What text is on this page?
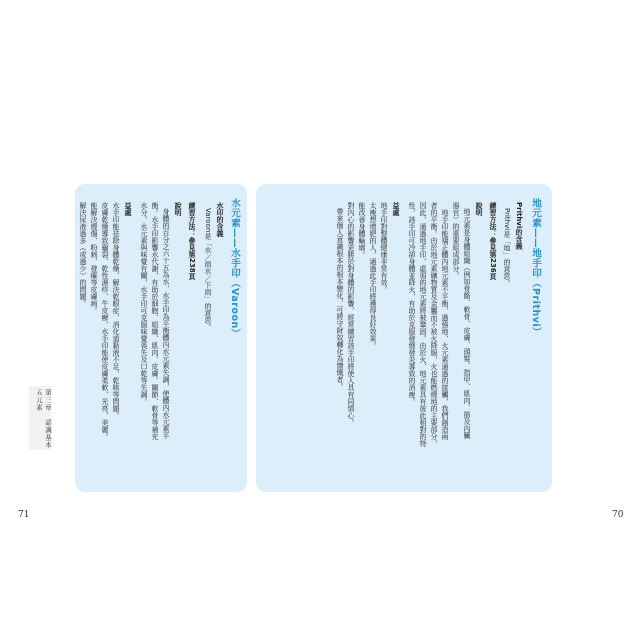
水元素——水手印（Varoon）
水印的含義
Varoon是「水／雨水／下雨」的意思。
練習方法：參見第238頁
說明
身體的百分之六十五為水，水手印為平衡體內水元素失調，使體內水元素平
衡。水手印影響水代謝，有助於細胞、組織、肌肉、皮膚、關節、軟骨等補充
水分。水元素與味覺有關，水手印可克服味覺喪失及口乾等失調。
益處
水手印能祛除身體乾燥，解決乾眼症、消化道黏液不足，乾咳等問題。
皮膚乾燥導致龜裂、乾性濕疹、牛皮癬，水手印能使皮膚柔軟、光亮、美麗。
能解決燒傷、粉刺、發癢等皮膚病。
解決尿液過多（或過少）的問題。
第三章　認識基本五元素
71
地元素——地手印（Prithvi）
Prithvi的含義
Prithvi是「地」的意思。
練習方法：參見第236頁
說明
地元素是身體組織（例如骨骼、軟骨、皮膚、頭髮、指甲、肌肉、筋及內臟
器官）的重要組成部分。
　地手印能矯正體內地元素不平衡，過強地、火元素通過的接觸，我們創造兩
者的平衡。由於地元素礦物質及金屬而不被火降服，火也能燃燒地的主要部分，
因此，通過地手印，虛弱的地元素將被鞏固。由於火、地元素具有彼此相對的特
性，該手印可冷卻身體並降火，有助於克服發燒發炎導致的消瘦。
益處
地手印對整體健康非常有效。
太瘦想增肥的人，通過此手印將獲得良好效果。
能改善身體輪廓。
對內心的影響更勝於對身體的影響，經常練習該手印將使人具有同情心。
帶來個人意識根本的根本變化，可將守財奴轉化為慷慨者。
70
